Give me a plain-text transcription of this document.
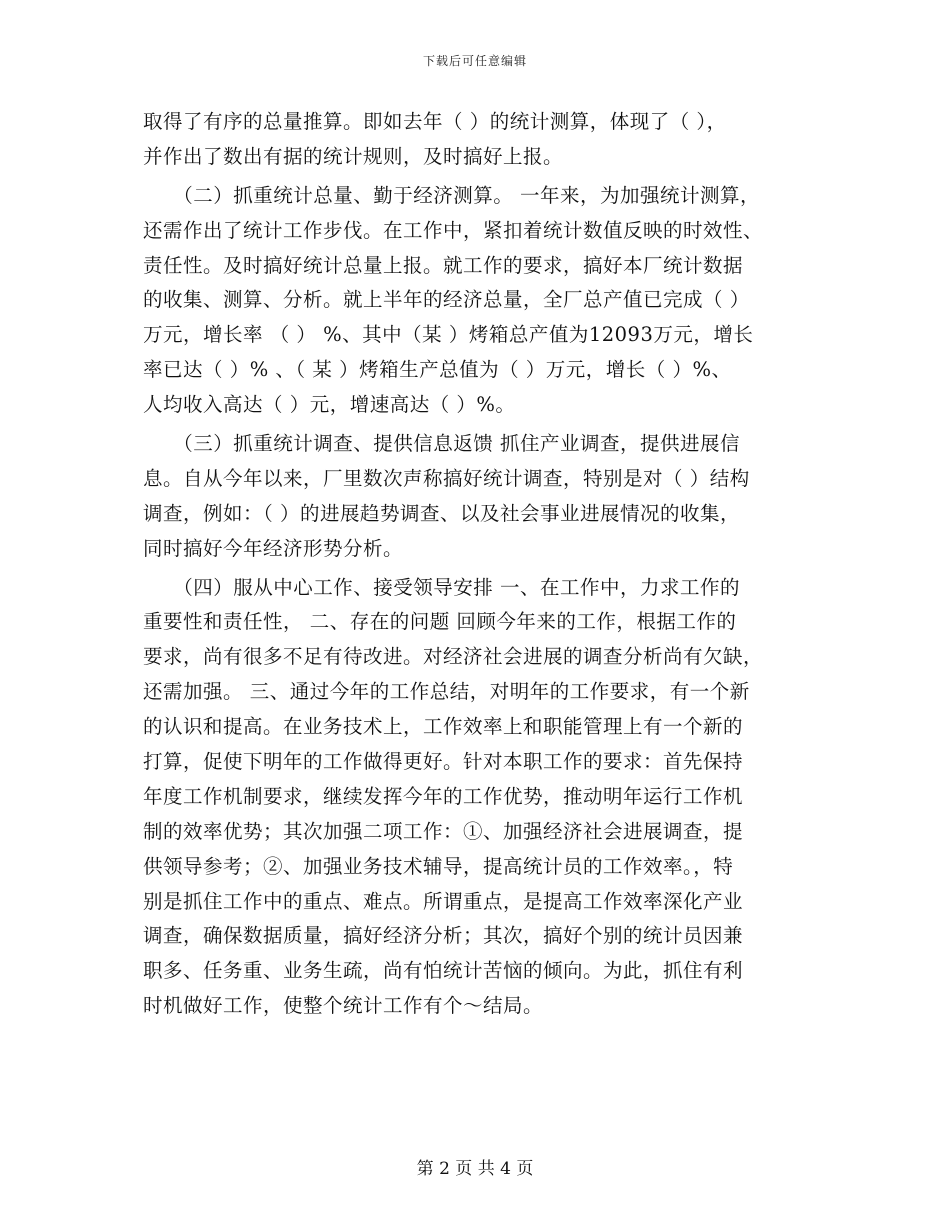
下载后可任意编辑
取得了有序的总量推算。即如去年（ ）的统计测算，体现了（ ），
并作出了数出有据的统计规则，及时搞好上报。
　　（二）抓重统计总量、勤于经济测算。 一年来，为加强统计测算，
还需作出了统计工作步伐。在工作中，紧扣着统计数值反映的时效性、
责任性。及时搞好统计总量上报。就工作的要求，搞好本厂统计数据
的收集、测算、分析。就上半年的经济总量，全厂总产值已完成（ ）
万元，增长率 （ ） %、其中（某 ）烤箱总产值为12093万元，增长
率已达（ ）% 、（ 某 ）烤箱生产总值为（ ）万元，增长（ ）%、
人均收入高达（ ）元，增速高达（ ）%。
　　（三）抓重统计调查、提供信息返馈 抓住产业调查，提供进展信
息。自从今年以来，厂里数次声称搞好统计调查，特别是对（ ）结构
调查，例如：（ ）的进展趋势调查、以及社会事业进展情况的收集，
同时搞好今年经济形势分析。
　　（四）服从中心工作、接受领导安排 一、在工作中，力求工作的
重要性和责任性， 二、存在的问题 回顾今年来的工作，根据工作的
要求，尚有很多不足有待改进。对经济社会进展的调查分析尚有欠缺，
还需加强。 三、通过今年的工作总结，对明年的工作要求，有一个新
的认识和提高。在业务技术上，工作效率上和职能管理上有一个新的
打算，促使下明年的工作做得更好。针对本职工作的要求：首先保持
年度工作机制要求，继续发挥今年的工作优势，推动明年运行工作机
制的效率优势；其次加强二项工作：①、加强经济社会进展调查，提
供领导参考；②、加强业务技术辅导，提高统计员的工作效率。，特
别是抓住工作中的重点、难点。所谓重点，是提高工作效率深化产业
调查，确保数据质量，搞好经济分析；其次，搞好个别的统计员因兼
职多、任务重、业务生疏，尚有怕统计苦恼的倾向。为此，抓住有利
时机做好工作，使整个统计工作有个～结局。
第 2 页 共 4 页
